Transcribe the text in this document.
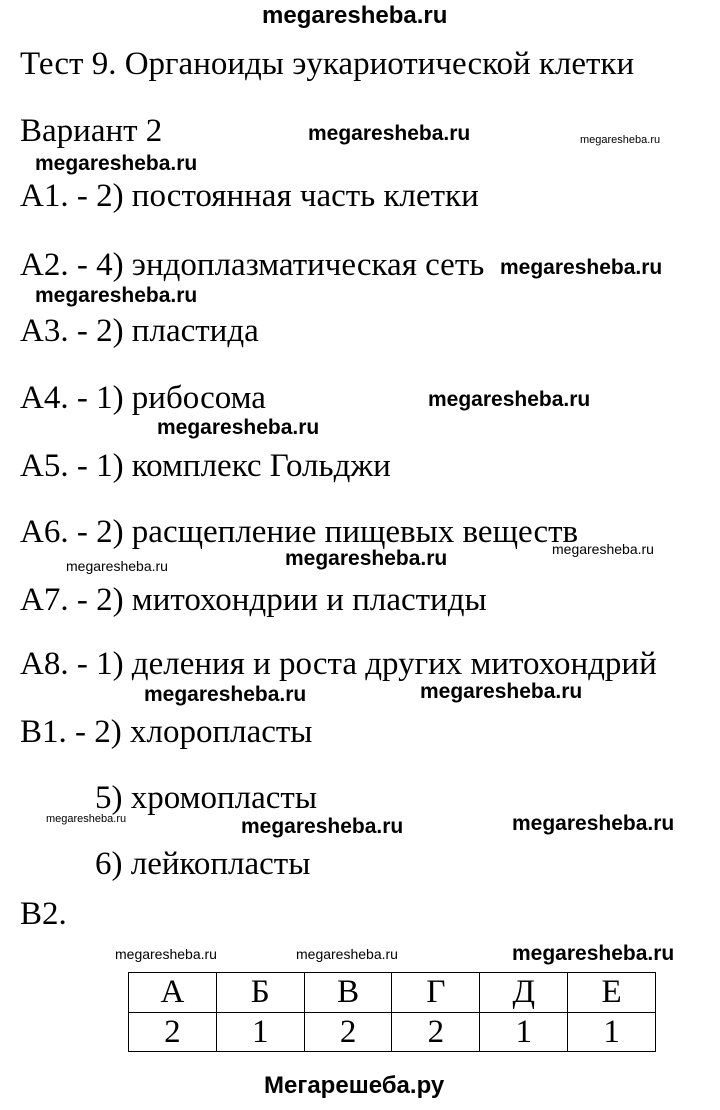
megaresheba.ru
Тест 9. Органоиды эукариотической клетки
Вариант 2	megaresheba.ru	megaresheba.ru
megaresheba.ru
А1. - 2) постоянная часть клетки
А2. - 4) эндоплазматическая сеть megaresheba.ru
megaresheba.ru
А3. - 2) пластида
А4. - 1) рибосома	megaresheba.ru
megaresheba.ru
А5. - 1) комплекс Гольджи
А6. - 2) расщепление пищевых веществ
megaresheba.ru
megaresheba.ru
megaresheba.ru
А7. - 2) митохондрии и пластиды
А8. - 1) деления и роста других митохондрий
megaresheba.ru	megaresheba.ru
В1. - 2) хлоропласты
5) хромопласты
megaresheba.ru	megaresheba.ru	megaresheba.ru
6) лейкопласты
В2.
megaresheba.ru	megaresheba.ru	megaresheba.ru
А	Б	В	Г	Д	Е
2	1	2	2	1	1
Мегарешеба.ру
